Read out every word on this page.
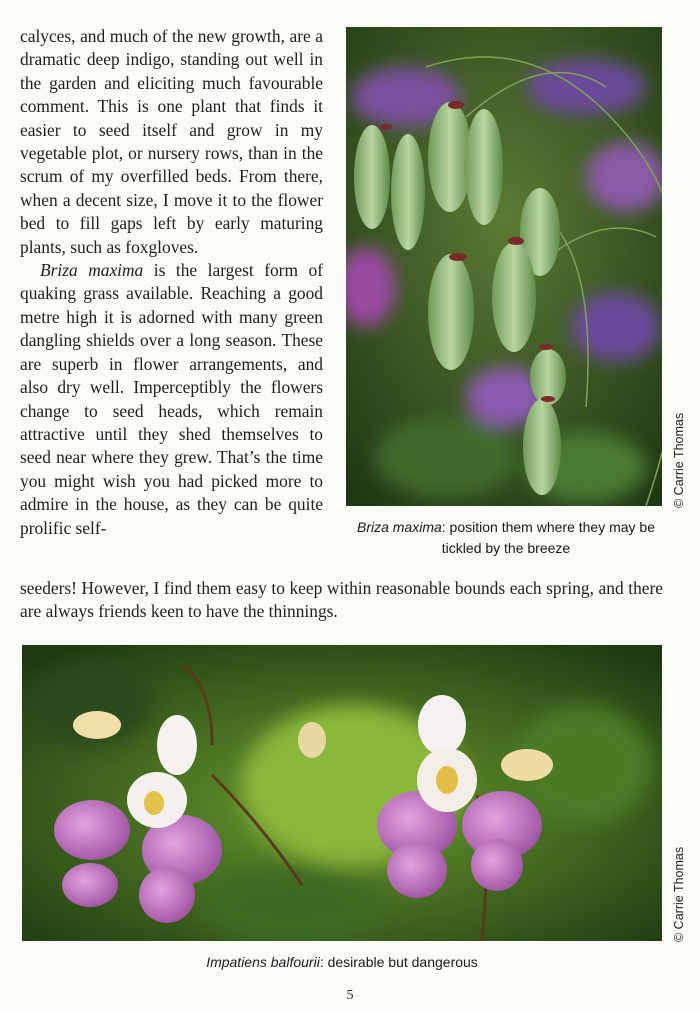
calyces, and much of the new growth, are a dramatic deep indigo, standing out well in the garden and eliciting much favourable comment. This is one plant that finds it easier to seed itself and grow in my vegetable plot, or nursery rows, than in the scrum of my overfilled beds. From there, when a decent size, I move it to the flower bed to fill gaps left by early maturing plants, such as foxgloves.

Briza maxima is the largest form of quaking grass available. Reaching a good metre high it is adorned with many green dangling shields over a long season. These are superb in flower arrangements, and also dry well. Imperceptibly the flowers change to seed heads, which remain attractive until they shed themselves to seed near where they grew. That’s the time you might wish you had picked more to admire in the house, as they can be quite prolific self-

seeders! However, I find them easy to keep within reasonable bounds each spring, and there are always friends keen to have the thinnings.

© Carrie Thomas
Briza maxima: position them where they may be tickled by the breeze
© Carrie Thomas
Impatiens balfourii: desirable but dangerous
5
